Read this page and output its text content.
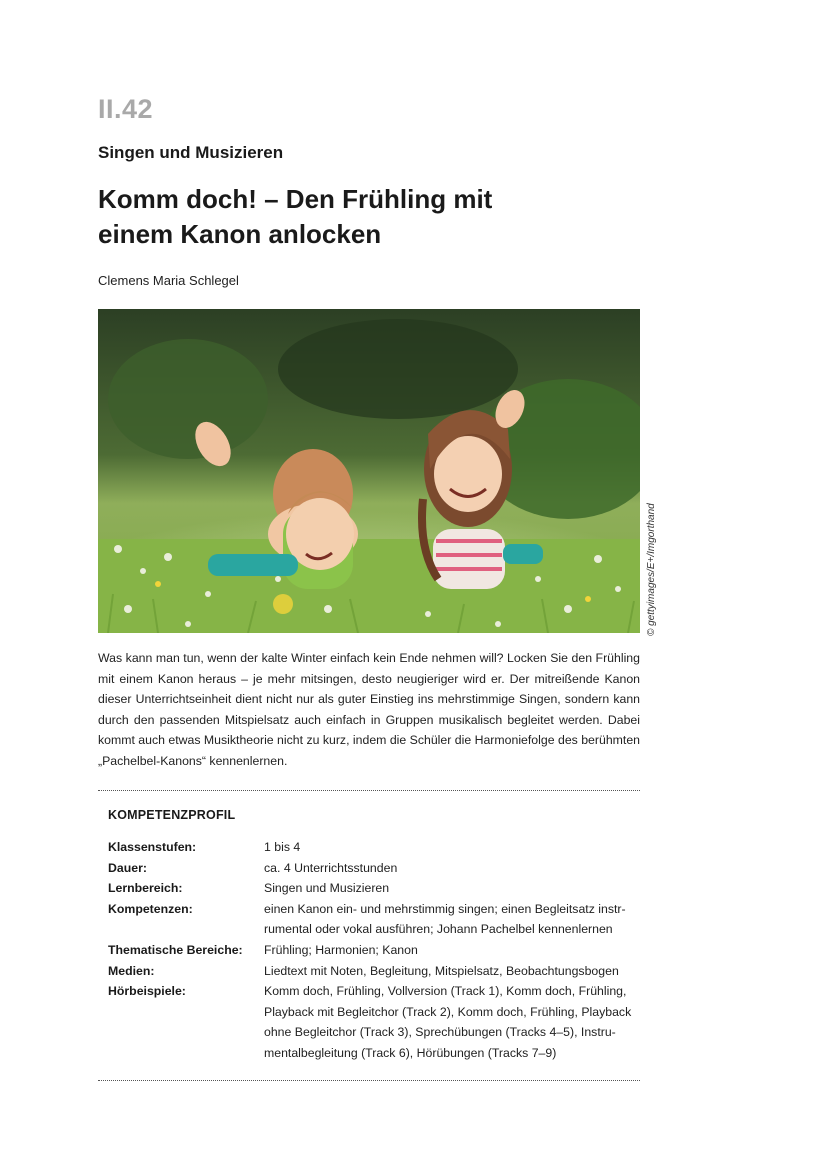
II.42
Singen und Musizieren
Komm doch! – Den Frühling mit
einem Kanon anlocken
Clemens Maria Schlegel
© gettyimages/E+/Imgorthand
Was kann man tun, wenn der kalte Winter einfach kein Ende nehmen will? Locken Sie den Frühling
mit einem Kanon heraus – je mehr mitsingen, desto neugieriger wird er. Der mitreißende Kanon
dieser Unterrichtseinheit dient nicht nur als guter Einstieg ins mehrstimmige Singen, sondern kann
durch den passenden Mitspielsatz auch einfach in Gruppen musikalisch begleitet werden. Dabei
kommt auch etwas Musiktheorie nicht zu kurz, indem die Schüler die Harmoniefolge des berühmten
„Pachelbel-Kanons“ kennenlernen.
KOMPETENZPROFIL
Klassenstufen:	1 bis 4
Dauer:	ca. 4 Unterrichtsstunden
Lernbereich:	Singen und Musizieren
Kompetenzen:	einen Kanon ein- und mehrstimmig singen; einen Begleitsatz instr-
rumental oder vokal ausführen; Johann Pachelbel kennenlernen
Thematische Bereiche:	Frühling; Harmonien; Kanon
Medien:	Liedtext mit Noten, Begleitung, Mitspielsatz, Beobachtungsbogen
Hörbeispiele:	Komm doch, Frühling, Vollversion (Track 1), Komm doch, Frühling,
Playback mit Begleitchor (Track 2), Komm doch, Frühling, Playback
ohne Begleitchor (Track 3), Sprechübungen (Tracks 4–5), Instru-
mentalbegleitung (Track 6), Hörübungen (Tracks 7–9)
